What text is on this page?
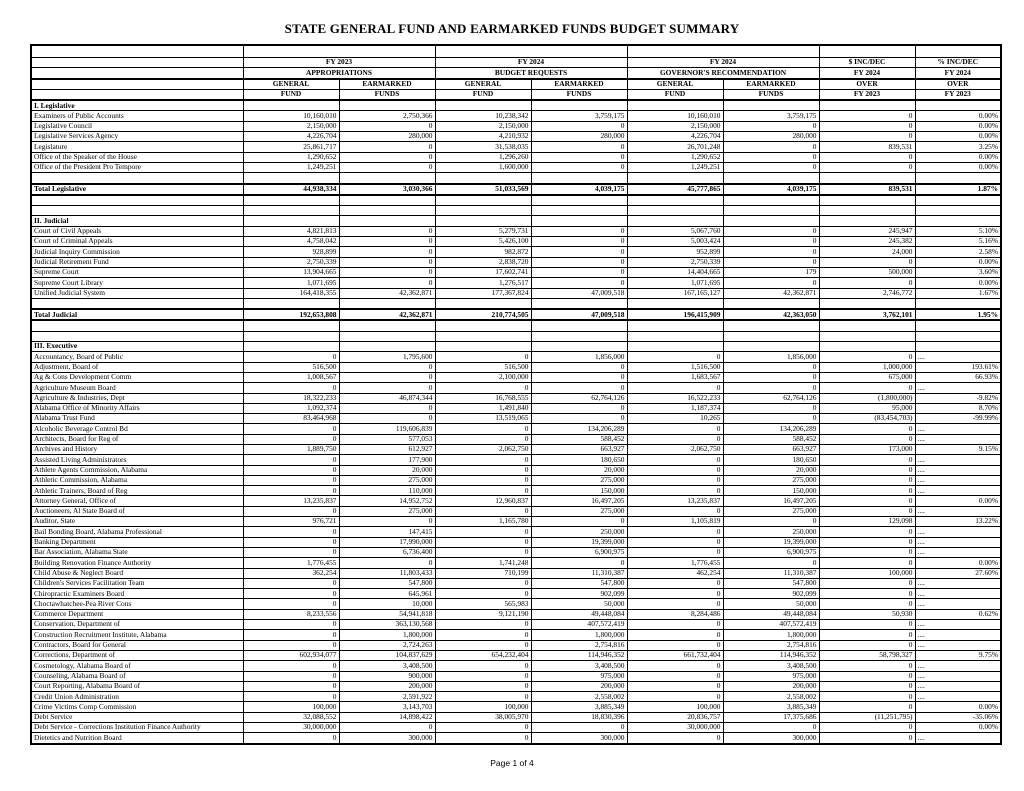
STATE GENERAL FUND AND EARMARKED FUNDS BUDGET SUMMARY

	FY 2023		FY 2024		FY 2024		$ INC/DEC	% INC/DEC
	APPROPRIATIONS		BUDGET REQUESTS		GOVERNOR'S RECOMMENDATION		FY 2024	FY 2024
	GENERAL	EARMARKED	GENERAL	EARMARKED	GENERAL	EARMARKED	OVER	OVER
	FUND	FUNDS	FUND	FUNDS	FUND	FUNDS	FY 2023	FY 2023
I. Legislative								
Examiners of Public Accounts	10,160,010	2,750,366	10,238,342	3,759,175	10,160,010	3,759,175	0	0.00%
Legislative Council	2,150,000	0	2,150,000	0	2,150,000	0	0	0.00%
Legislative Services Agency	4,226,704	280,000	4,210,932	280,000	4,226,704	280,000	0	0.00%
Legislature	25,861,717	0	31,538,035	0	26,701,248	0	839,531	3.25%
Office of the Speaker of the House	1,290,652	0	1,296,260	0	1,290,652	0	0	0.00%
Office of the President Pro Tempore	1,249,251	0	1,600,000	0	1,249,251	0	0	0.00%

Total Legislative	44,938,334	3,030,366	51,033,569	4,039,175	45,777,865	4,039,175	839,531	1.87%

II. Judicial								
Court of Civil Appeals	4,821,813	0	5,279,731	0	5,067,760	0	245,947	5.10%
Court of Criminal Appeals	4,758,042	0	5,426,100	0	5,003,424	0	245,382	5.16%
Judicial Inquiry Commission	928,899	0	982,872	0	952,899	0	24,000	2.58%
Judicial Retirement Fund	2,750,339	0	2,838,720	0	2,750,339	0	0	0.00%
Supreme Court	13,904,665	0	17,602,741	0	14,404,665	179	500,000	3.60%
Supreme Court Library	1,071,695	0	1,276,517	0	1,071,695	0	0	0.00%
Unified Judicial System	164,418,355	42,362,871	177,367,824	47,009,518	167,165,127	42,362,871	2,746,772	1.67%

Total Judicial	192,653,808	42,362,871	210,774,505	47,009,518	196,415,909	42,363,050	3,762,101	1.95%

III. Executive								
Accountancy, Board of Public	0	1,795,600	0	1,856,000	0	1,856,000	0	....
Adjustment, Board of	516,500	0	516,500	0	1,516,500	0	1,000,000	193.61%
Ag & Cons Development Comm	1,008,567	0	2,100,000	0	1,683,567	0	675,000	66.93%
Agriculture Museum Board	0	0	0	0	0	0	0	....
Agriculture & Industries, Dept	18,322,233	46,874,344	16,768,555	62,764,126	16,522,233	62,764,126	(1,800,000)	-9.82%
Alabama Office of Minority Affairs	1,092,374	0	1,491,840	0	1,187,374	0	95,000	8.70%
Alabama Trust Fund	83,464,968	0	13,519,065	0	10,265	0	(83,454,703)	-99.99%
Alcoholic Beverage Control Bd	0	119,606,839	0	134,206,289	0	134,206,289	0	....
Architects, Board for Reg of	0	577,053	0	588,452	0	588,452	0	....
Archives and History	1,889,750	612,927	2,062,750	663,927	2,062,750	663,927	173,000	9.15%
Assisted Living Administrators	0	177,900	0	180,650	0	180,650	0	....
Athlete Agents Commission, Alabama	0	20,000	0	20,000	0	20,000	0	....
Athletic Commission, Alabama	0	275,000	0	275,000	0	275,000	0	....
Athletic Trainers, Board of Reg	0	110,000	0	150,000	0	150,000	0	....
Attorney General, Office of	13,235,837	14,952,752	12,960,837	16,497,205	13,235,837	16,497,205	0	0.00%
Auctioneers, Al State Board of	0	275,000	0	275,000	0	275,000	0	....
Auditor, State	976,721	0	1,165,780	0	1,105,819	0	129,098	13.22%
Bail Bonding Board, Alabama Professional	0	147,415	0	250,000	0	250,000	0	....
Banking Department	0	17,990,000	0	19,399,000	0	19,399,000	0	....
Bar Association, Alabama State	0	6,736,400	0	6,900,975	0	6,900,975	0	....
Building Renovation Finance Authority	1,776,455	0	1,741,248	0	1,776,455	0	0	0.00%
Child Abuse & Neglect Board	362,254	11,803,433	710,199	11,310,387	462,254	11,310,387	100,000	27.60%
Children's Services Facilitation Team	0	547,800	0	547,800	0	547,800	0	....
Chiropractic Examiners Board	0	645,961	0	902,099	0	902,099	0	....
Choctawhatchee-Pea River Cons	0	10,000	565,983	50,000	0	50,000	0	....
Commerce Department	8,233,556	54,941,818	9,121,190	49,448,084	8,284,486	49,448,084	50,930	0.62%
Conservation, Department of	0	363,130,568	0	407,572,419	0	407,572,419	0	....
Construction Recruitment Institute, Alabama	0	1,800,000	0	1,800,000	0	1,800,000	0	....
Contractors, Board for General	0	2,724,263	0	2,754,816	0	2,754,816	0	....
Corrections, Department of	602,934,077	104,837,629	654,232,404	114,946,352	661,732,404	114,946,352	58,798,327	9.75%
Cosmetology, Alabama Board of	0	3,408,500	0	3,408,500	0	3,408,500	0	....
Counseling, Alabama Board of	0	900,000	0	975,000	0	975,000	0	....
Court Reporting, Alabama Board of	0	200,000	0	200,000	0	200,000	0	....
Credit Union Administration	0	2,591,922	0	2,558,002	0	2,558,002	0	....
Crime Victims Comp Commission	100,000	3,143,703	100,000	3,885,349	100,000	3,885,349	0	0.00%
Debt Service	32,088,552	14,898,422	38,005,970	18,830,396	20,836,757	17,375,686	(11,251,795)	-35.06%
Debt Service - Corrections Institution Finance Authority	30,000,000	0	0	0	30,000,000	0	0	0.00%
Dietetics and Nutrition Board	0	300,000	0	300,000	0	300,000	0	....
Page 1 of 4
